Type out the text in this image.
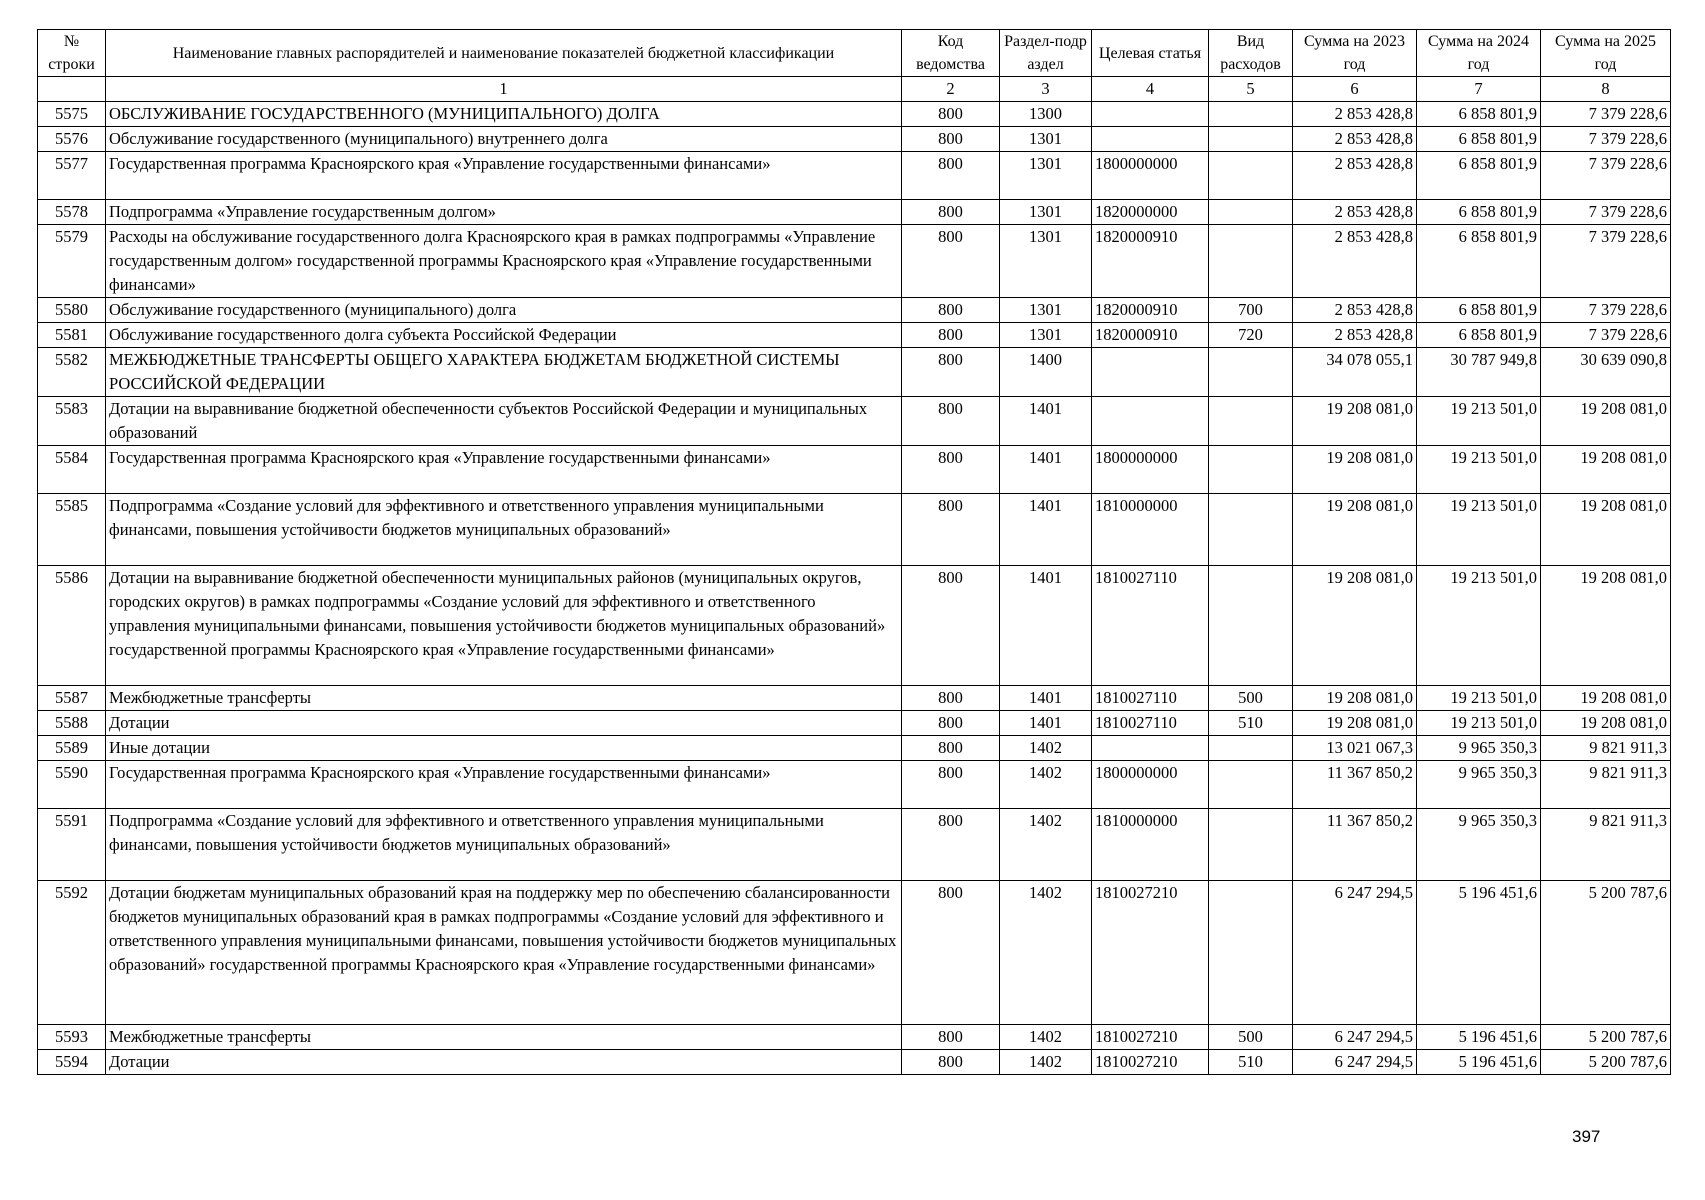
№ строки	Наименование главных распорядителей и наименование показателей бюджетной классификации	Код ведомства	Раздел-подраздел	Целевая статья	Вид расходов	Сумма на 2023 год	Сумма на 2024 год	Сумма на 2025 год
	1	2	3	4	5	6	7	8
5575	ОБСЛУЖИВАНИЕ ГОСУДАРСТВЕННОГО (МУНИЦИПАЛЬНОГО) ДОЛГА	800	1300			2 853 428,8	6 858 801,9	7 379 228,6
5576	Обслуживание государственного (муниципального) внутреннего долга	800	1301			2 853 428,8	6 858 801,9	7 379 228,6
5577	Государственная программа Красноярского края «Управление государственными финансами»	800	1301	1800000000		2 853 428,8	6 858 801,9	7 379 228,6
5578	Подпрограмма «Управление государственным долгом»	800	1301	1820000000		2 853 428,8	6 858 801,9	7 379 228,6
5579	Расходы на обслуживание государственного долга Красноярского края в рамках подпрограммы «Управление государственным долгом» государственной программы Красноярского края «Управление государственными финансами»	800	1301	1820000910		2 853 428,8	6 858 801,9	7 379 228,6
5580	Обслуживание государственного (муниципального) долга	800	1301	1820000910	700	2 853 428,8	6 858 801,9	7 379 228,6
5581	Обслуживание государственного долга субъекта Российской Федерации	800	1301	1820000910	720	2 853 428,8	6 858 801,9	7 379 228,6
5582	МЕЖБЮДЖЕТНЫЕ ТРАНСФЕРТЫ ОБЩЕГО ХАРАКТЕРА БЮДЖЕТАМ БЮДЖЕТНОЙ СИСТЕМЫ РОССИЙСКОЙ ФЕДЕРАЦИИ	800	1400			34 078 055,1	30 787 949,8	30 639 090,8
5583	Дотации на выравнивание бюджетной обеспеченности субъектов Российской Федерации и муниципальных образований	800	1401			19 208 081,0	19 213 501,0	19 208 081,0
5584	Государственная программа Красноярского края «Управление государственными финансами»	800	1401	1800000000		19 208 081,0	19 213 501,0	19 208 081,0
5585	Подпрограмма «Создание условий для эффективного и ответственного управления муниципальными финансами, повышения устойчивости бюджетов муниципальных образований»	800	1401	1810000000		19 208 081,0	19 213 501,0	19 208 081,0
5586	Дотации на выравнивание бюджетной обеспеченности муниципальных районов (муниципальных округов, городских округов) в рамках подпрограммы «Создание условий для эффективного и ответственного управления муниципальными финансами, повышения устойчивости бюджетов муниципальных образований» государственной программы Красноярского края «Управление государственными финансами»	800	1401	1810027110		19 208 081,0	19 213 501,0	19 208 081,0
5587	Межбюджетные трансферты	800	1401	1810027110	500	19 208 081,0	19 213 501,0	19 208 081,0
5588	Дотации	800	1401	1810027110	510	19 208 081,0	19 213 501,0	19 208 081,0
5589	Иные дотации	800	1402			13 021 067,3	9 965 350,3	9 821 911,3
5590	Государственная программа Красноярского края «Управление государственными финансами»	800	1402	1800000000		11 367 850,2	9 965 350,3	9 821 911,3
5591	Подпрограмма «Создание условий для эффективного и ответственного управления муниципальными финансами, повышения устойчивости бюджетов муниципальных образований»	800	1402	1810000000		11 367 850,2	9 965 350,3	9 821 911,3
5592	Дотации бюджетам муниципальных образований края на поддержку мер по обеспечению сбалансированности бюджетов муниципальных образований края в рамках подпрограммы «Создание условий для эффективного и ответственного управления муниципальными финансами, повышения устойчивости бюджетов муниципальных образований» государственной программы Красноярского края «Управление государственными финансами»	800	1402	1810027210		6 247 294,5	5 196 451,6	5 200 787,6
5593	Межбюджетные трансферты	800	1402	1810027210	500	6 247 294,5	5 196 451,6	5 200 787,6
5594	Дотации	800	1402	1810027210	510	6 247 294,5	5 196 451,6	5 200 787,6
397
